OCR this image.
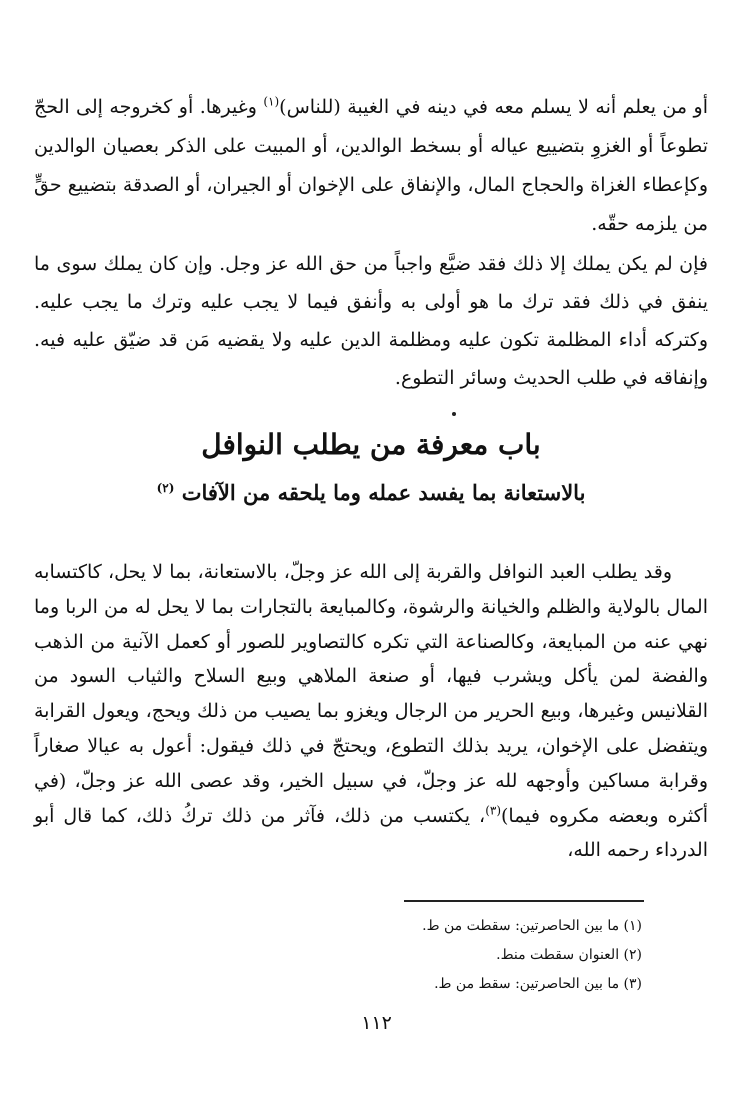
أو من يعلم أنه لا يسلم معه في دينه في الغيبة (للناس)$^{(١)}$ وغيرها. أو كخروجه إلى الحجّ تطوعاً أو الغزوِ بتضييع عياله أو بسخط الوالدين، أو المبيت على الذكر بعصيان الوالدين وكإعطاء الغزاة والحجاج المال، والإنفاق على الإخوان أو الجيران، أو الصدقة بتضييع حقٍّ من يلزمه حقّه.

فإن لم يكن يملك إلا ذلك فقد ضيَّع واجباً من حق الله عز وجل. وإن كان يملك سوى ما ينفق في ذلك فقد ترك ما هو أولى به وأنفق فيما لا يجب عليه وترك ما يجب عليه. وكتركه أداء المظلمة تكون عليه ومظلمة الدين عليه ولا يقضيه مَن قد ضيّق عليه فيه. وإنفاقه في طلب الحديث وسائر التطوع.

باب معرفة من يطلب النوافل
بالاستعانة بما يفسد عمله وما يلحقه من الآفات $^{(٢)}$

وقد يطلب العبد النوافل والقربة إلى الله عز وجلّ، بالاستعانة، بما لا يحل، كاكتسابه المال بالولاية والظلم والخيانة والرشوة، وكالمبايعة بالتجارات بما لا يحل له من الربا وما نهي عنه من المبايعة، وكالصناعة التي تكره كالتصاوير للصور أو كعمل الآنية من الذهب والفضة لمن يأكل ويشرب فيها، أو صنعة الملاهي وبيع السلاح والثياب السود من القلانيس وغيرها، وبيع الحرير من الرجال ويغزو بما يصيب من ذلك ويحج، ويعول القرابة ويتفضل على الإخوان، يريد بذلك التطوع، ويحتجّ في ذلك فيقول: أعول به عيالا صغاراً وقرابة مساكين وأوجهه لله عز وجلّ، في سبيل الخير، وقد عصى الله عز وجلّ، (في أكثره وبعضه مكروه فيما)$^{(٣)}$، يكتسب من ذلك، فآثر من ذلك تركُ ذلك، كما قال أبو الدرداء رحمه الله،

(١) ما بين الحاصرتين: سقطت من ط.
(٢) العنوان سقطت منط.
(٣) ما بين الحاصرتين: سقط من ط.
١١٢
